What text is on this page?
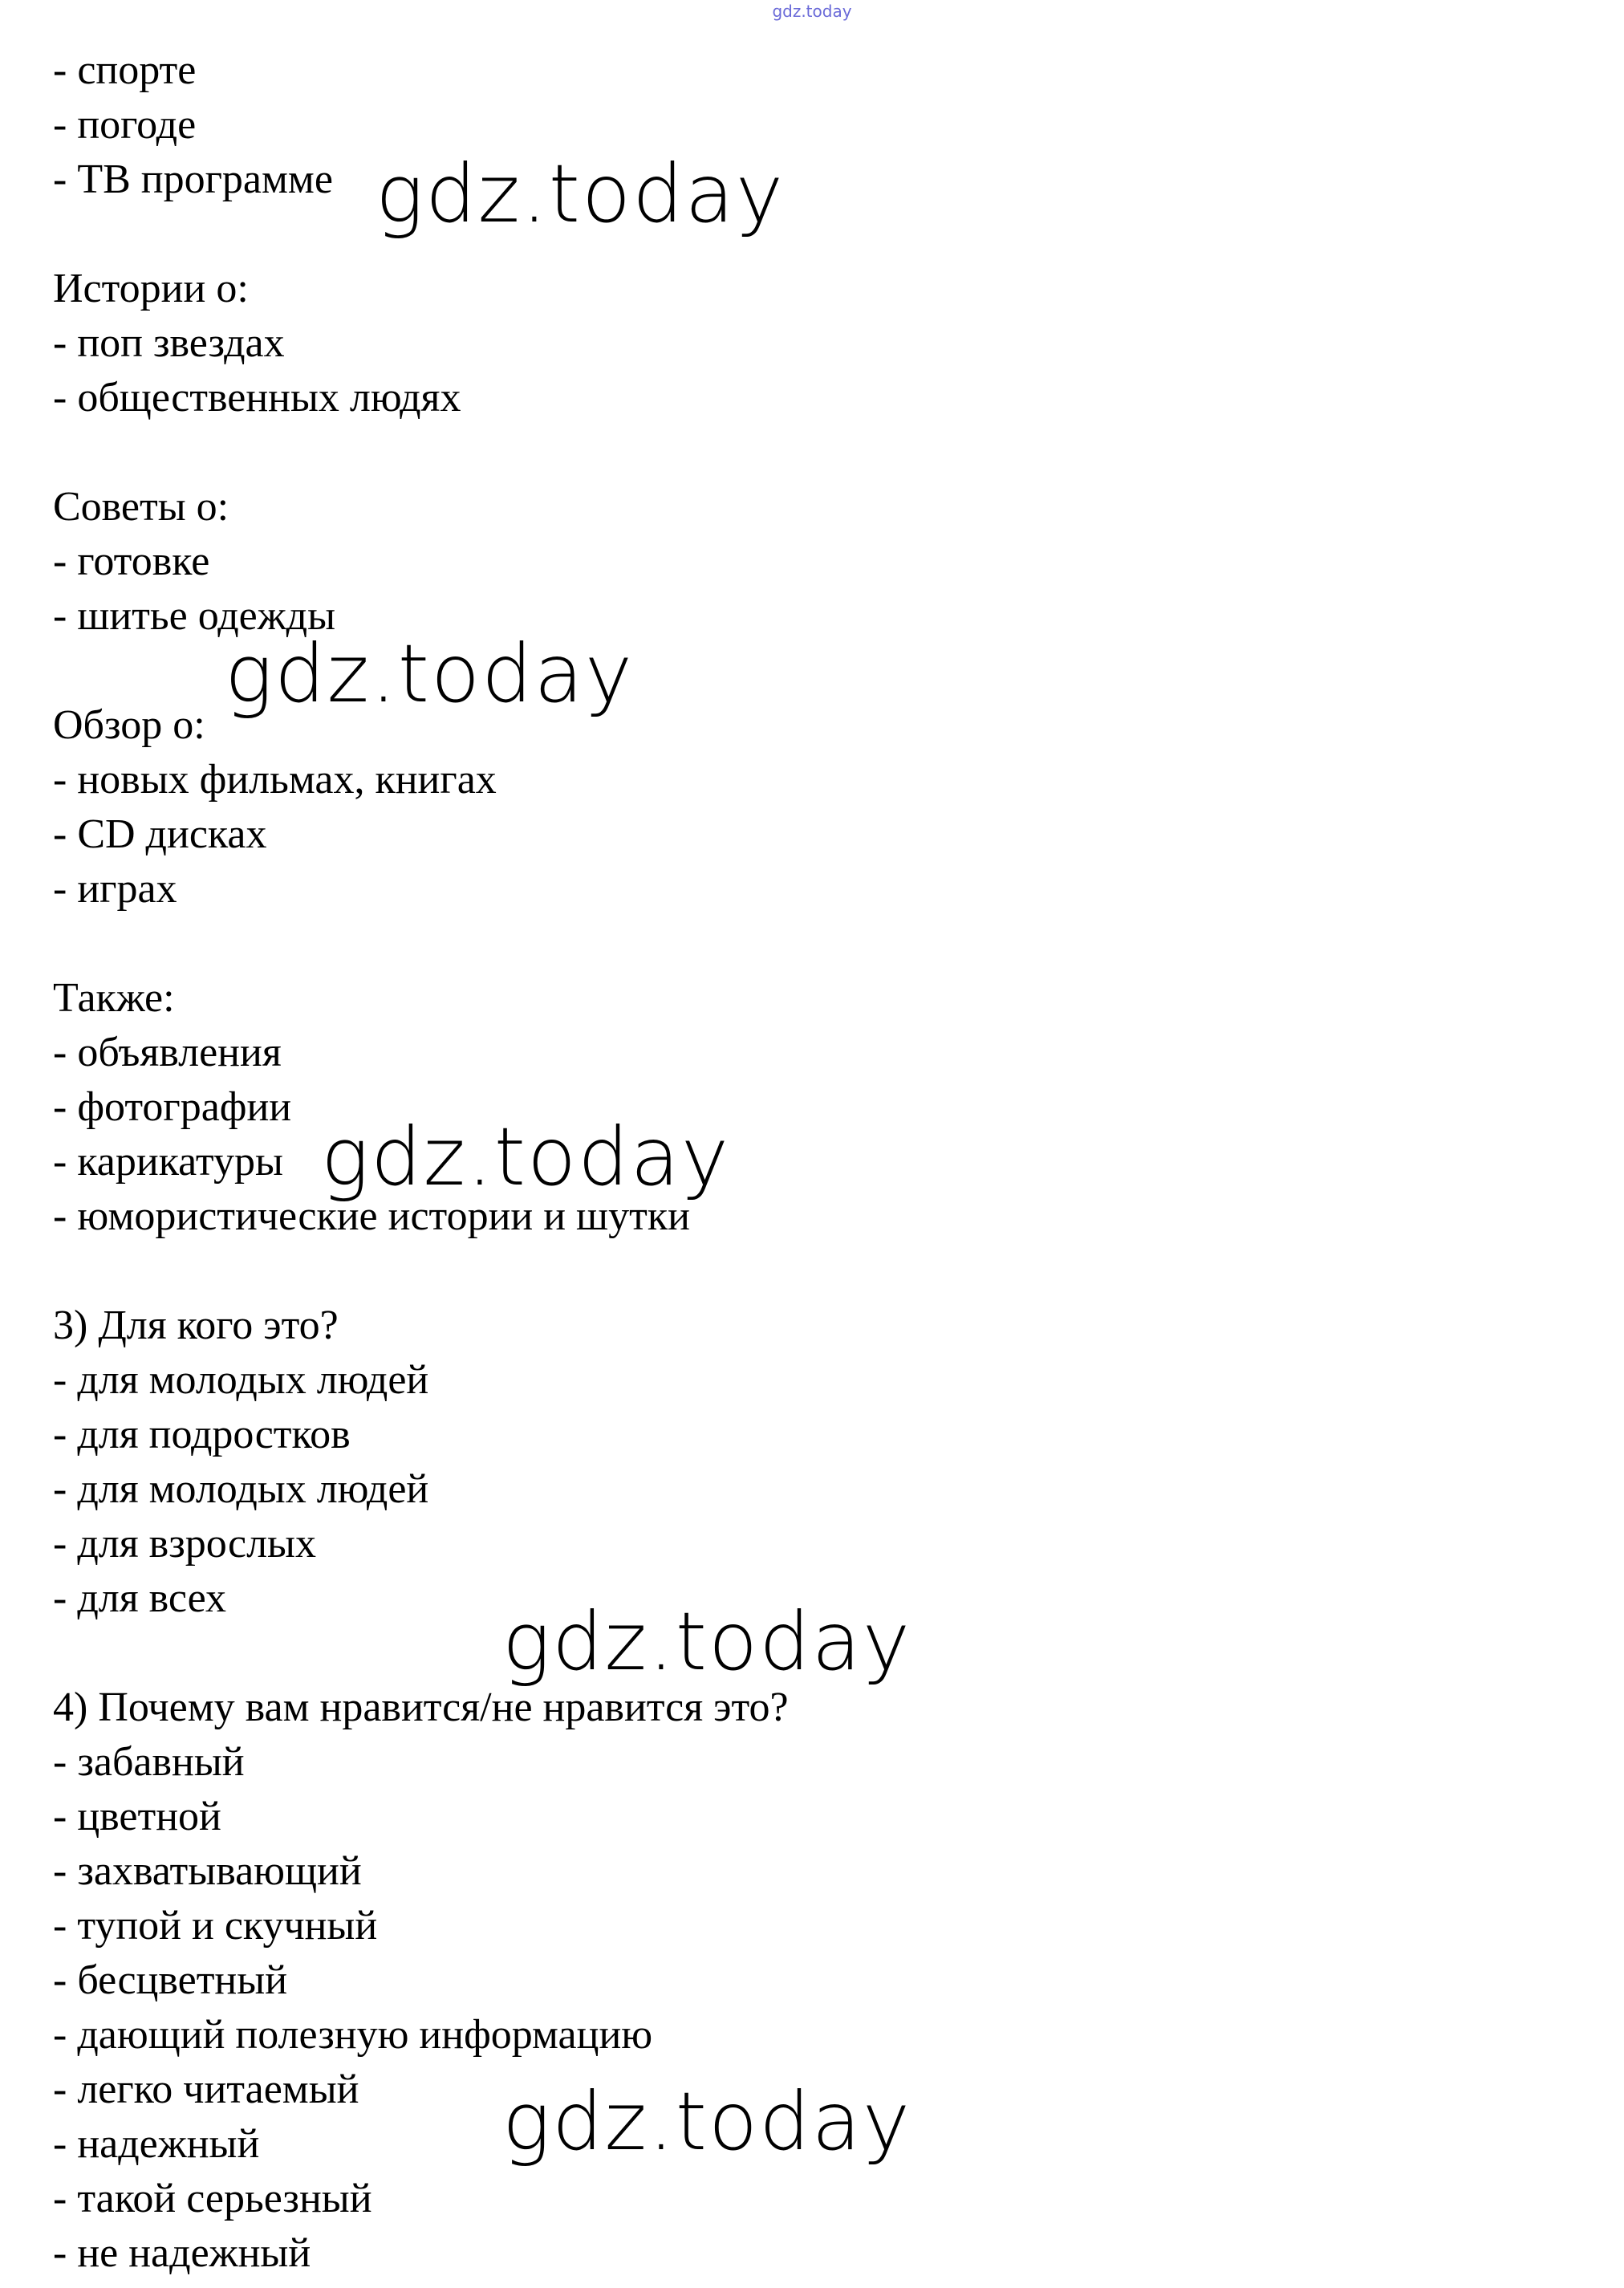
gdz.today
- спорте
- погоде
- ТВ программе
Истории о:
- поп звездах
- общественных людях
Советы о:
- готовке
- шитье одежды
Обзор о:
- новых фильмах, книгах
- CD дисках
- играх
Также:
- объявления
- фотографии
- карикатуры
- юмористические истории и шутки
3) Для кого это?
- для молодых людей
- для подростков
- для молодых людей
- для взрослых
- для всех
4) Почему вам нравится/не нравится это?
- забавный
- цветной
- захватывающий
- тупой и скучный
- бесцветный
- дающий полезную информацию
- легко читаемый
- надежный
- такой серьезный
- не надежный
gdz.today
gdz.today
gdz.today
gdz.today
gdz.today
